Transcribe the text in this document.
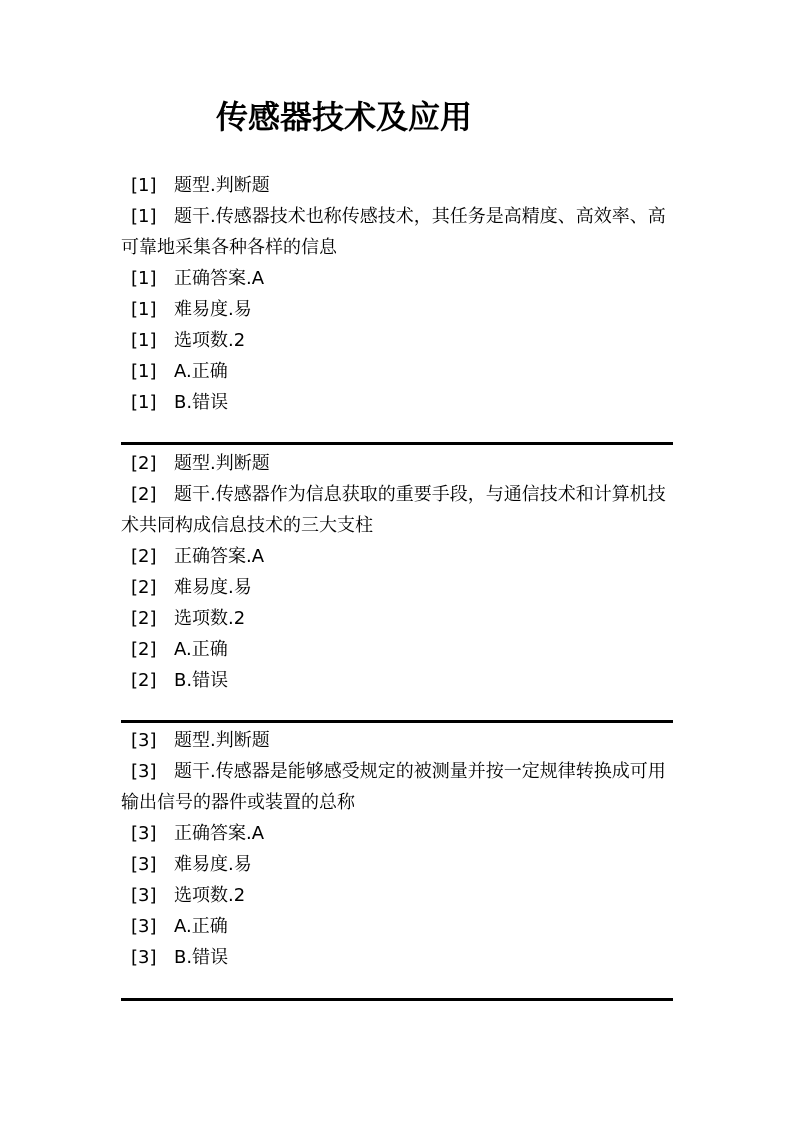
传感器技术及应用
[1] 题型.判断题
[1] 题干.传感器技术也称传感技术，其任务是高精度、高效率、高
可靠地采集各种各样的信息
[1] 正确答案.A
[1] 难易度.易
[1] 选项数.2
[1] A.正确
[1] B.错误
[2] 题型.判断题
[2] 题干.传感器作为信息获取的重要手段，与通信技术和计算机技
术共同构成信息技术的三大支柱
[2] 正确答案.A
[2] 难易度.易
[2] 选项数.2
[2] A.正确
[2] B.错误
[3] 题型.判断题
[3] 题干.传感器是能够感受规定的被测量并按一定规律转换成可用
输出信号的器件或装置的总称
[3] 正确答案.A
[3] 难易度.易
[3] 选项数.2
[3] A.正确
[3] B.错误
